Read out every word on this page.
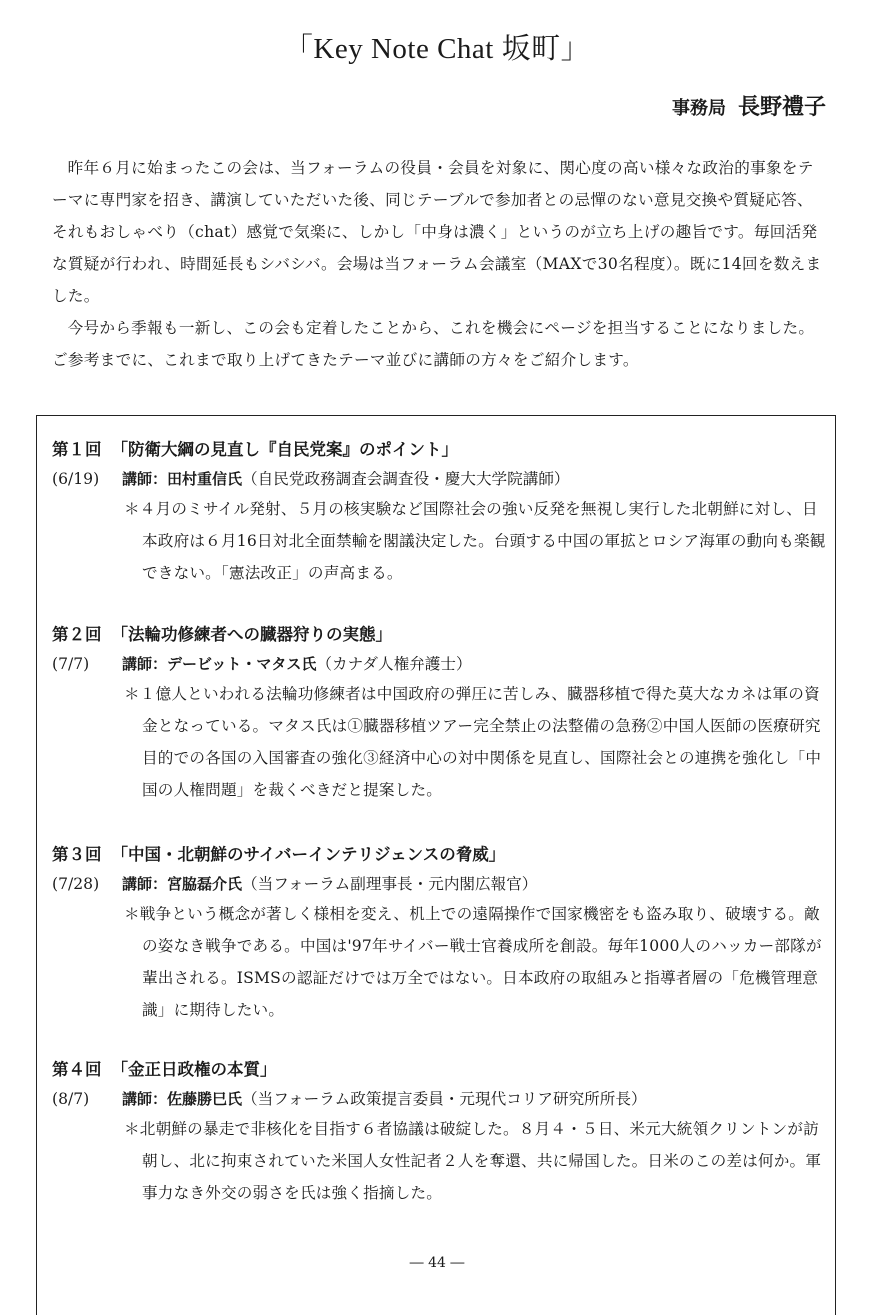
「Key Note Chat 坂町」
事務局 長野禮子

昨年６月に始まったこの会は、当フォーラムの役員・会員を対象に、関心度の高い様々な政治的事象をテーマに専門家を招き、講演していただいた後、同じテーブルで参加者との忌憚のない意見交換や質疑応答、それもおしゃべり（chat）感覚で気楽に、しかし「中身は濃く」というのが立ち上げの趣旨です。毎回活発な質疑が行われ、時間延長もシバシバ。会場は当フォーラム会議室（MAXで30名程度）。既に14回を数えました。

今号から季報も一新し、この会も定着したことから、これを機会にページを担当することになりました。ご参考までに、これまで取り上げてきたテーマ並びに講師の方々をご紹介します。

第１回 「防衛大綱の見直し『自民党案』のポイント」
(6/19)	講師： 田村重信氏 （自民党政務調査会調査役・慶大大学院講師）
＊４月のミサイル発射、５月の核実験など国際社会の強い反発を無視し実行した北朝鮮に対し、日本政府は６月16日対北全面禁輸を閣議決定した。台頭する中国の軍拡とロシア海軍の動向も楽観できない。「憲法改正」の声高まる。
第２回 「法輪功修練者への臓器狩りの実態」
(7/7)	講師： デービット・マタス氏 （カナダ人権弁護士）
＊１億人といわれる法輪功修練者は中国政府の弾圧に苦しみ、臓器移植で得た莫大なカネは軍の資金となっている。マタス氏は①臓器移植ツアー完全禁止の法整備の急務②中国人医師の医療研究目的での各国の入国審査の強化③経済中心の対中関係を見直し、国際社会との連携を強化し「中国の人権問題」を裁くべきだと提案した。
第３回 「中国・北朝鮮のサイバーインテリジェンスの脅威」
(7/28)	講師： 宮脇磊介氏 （当フォーラム副理事長・元内閣広報官）
＊戦争という概念が著しく様相を変え、机上での遠隔操作で国家機密をも盗み取り、破壊する。敵の姿なき戦争である。中国は'97年サイバー戦士官養成所を創設。毎年1000人のハッカー部隊が輩出される。ISMSの認証だけでは万全ではない。日本政府の取組みと指導者層の「危機管理意識」に期待したい。
第４回 「金正日政権の本質」
(8/7)	講師： 佐藤勝巳氏 （当フォーラム政策提言委員・元現代コリア研究所所長）
＊北朝鮮の暴走で非核化を目指す６者協議は破綻した。８月４・５日、米元大統領クリントンが訪朝し、北に拘束されていた米国人女性記者２人を奪還、共に帰国した。日米のこの差は何か。軍事力なき外交の弱さを氏は強く指摘した。
― 44 ―
